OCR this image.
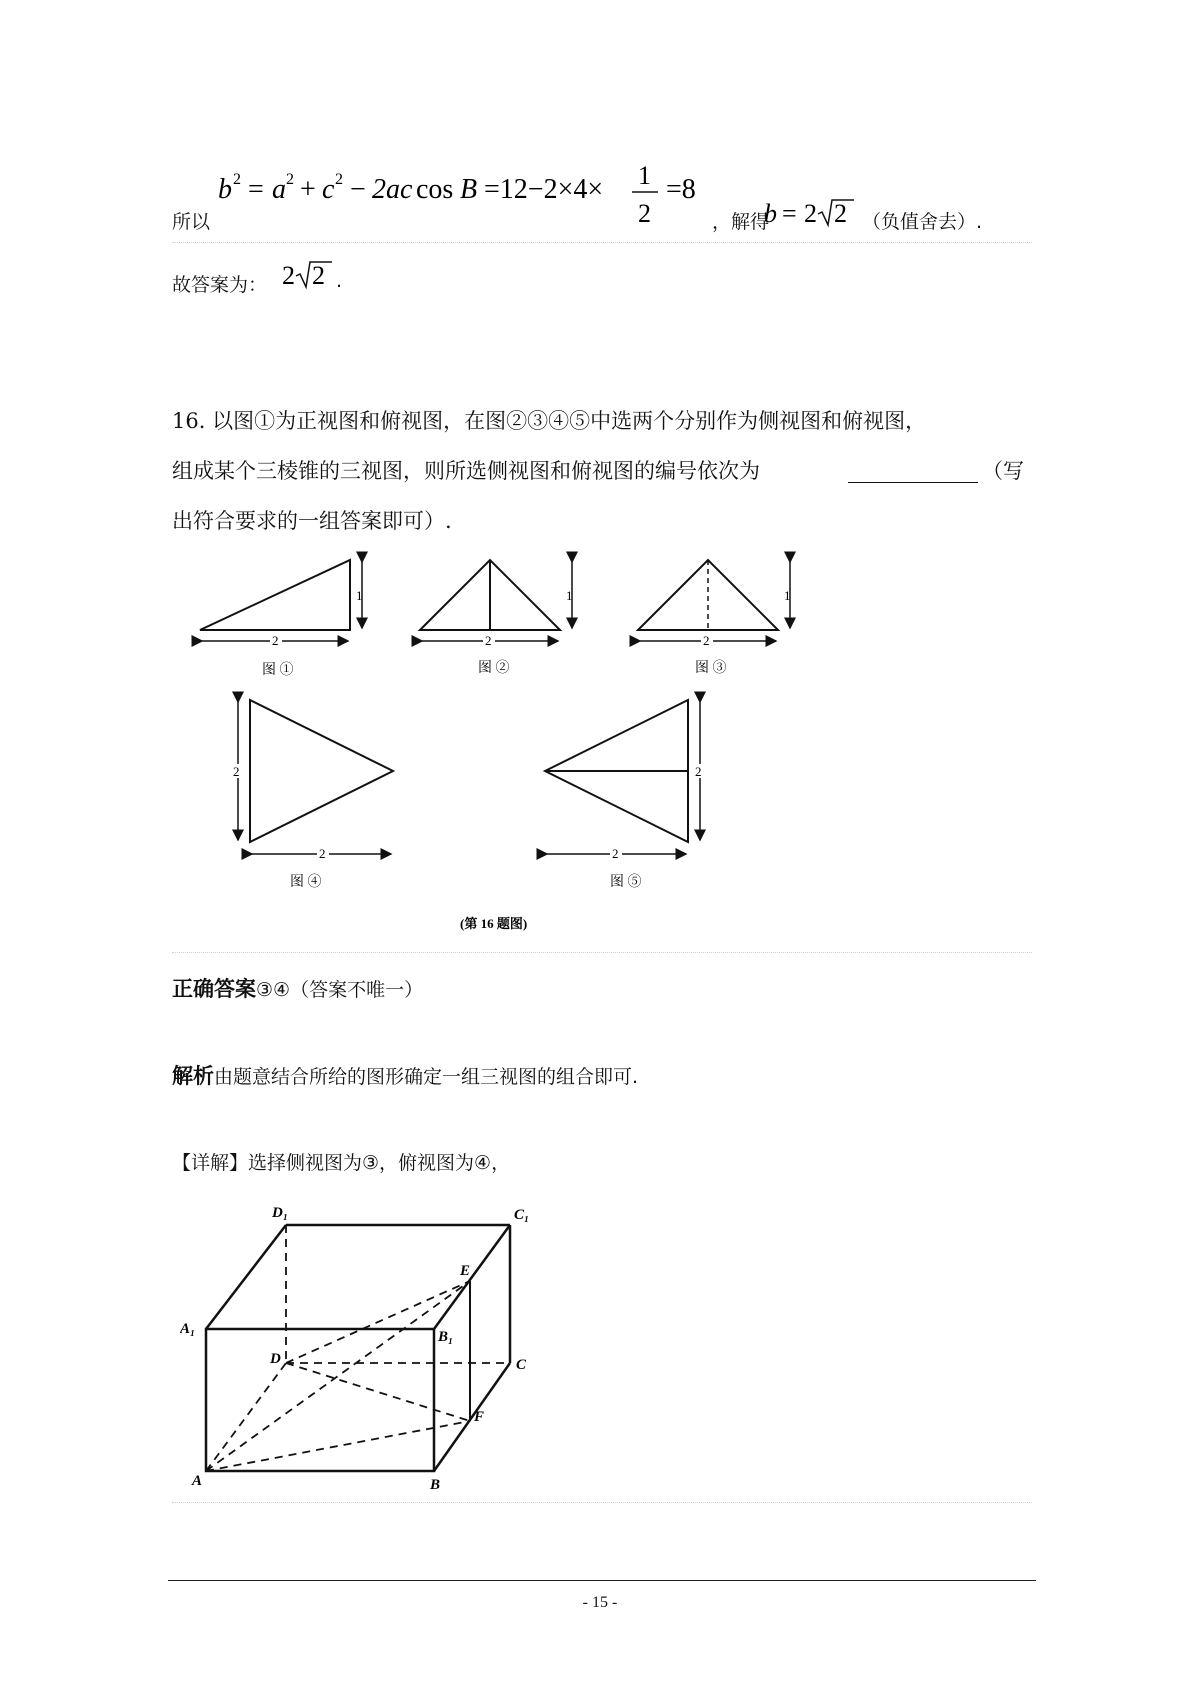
所以
b 2 = a 2 + c 2 − 2ac cos B =12−2×4× 1
2
=8
，解得
b = 2 2 （负值舍去）.
故答案为： 2 2 .
16. 以图①为正视图和俯视图，在图②③④⑤中选两个分别作为侧视图和俯视图，
组成某个三棱锥的三视图，则所选侧视图和俯视图的编号依次为	（写
出符合要求的一组答案即可）.
1
2
图 ①
1
2
图 ②
1
2
图 ③
2
2
图 ④
2
2
图 ⑤
(第 16 题图)
正确答案③④（答案不唯一）
解析由题意结合所给的图形确定一组三视图的组合即可.
【详解】选择侧视图为③，俯视图为④，
D₁	C₁
A₁	B₁
D	C
E
F
A	B
- 15 -
